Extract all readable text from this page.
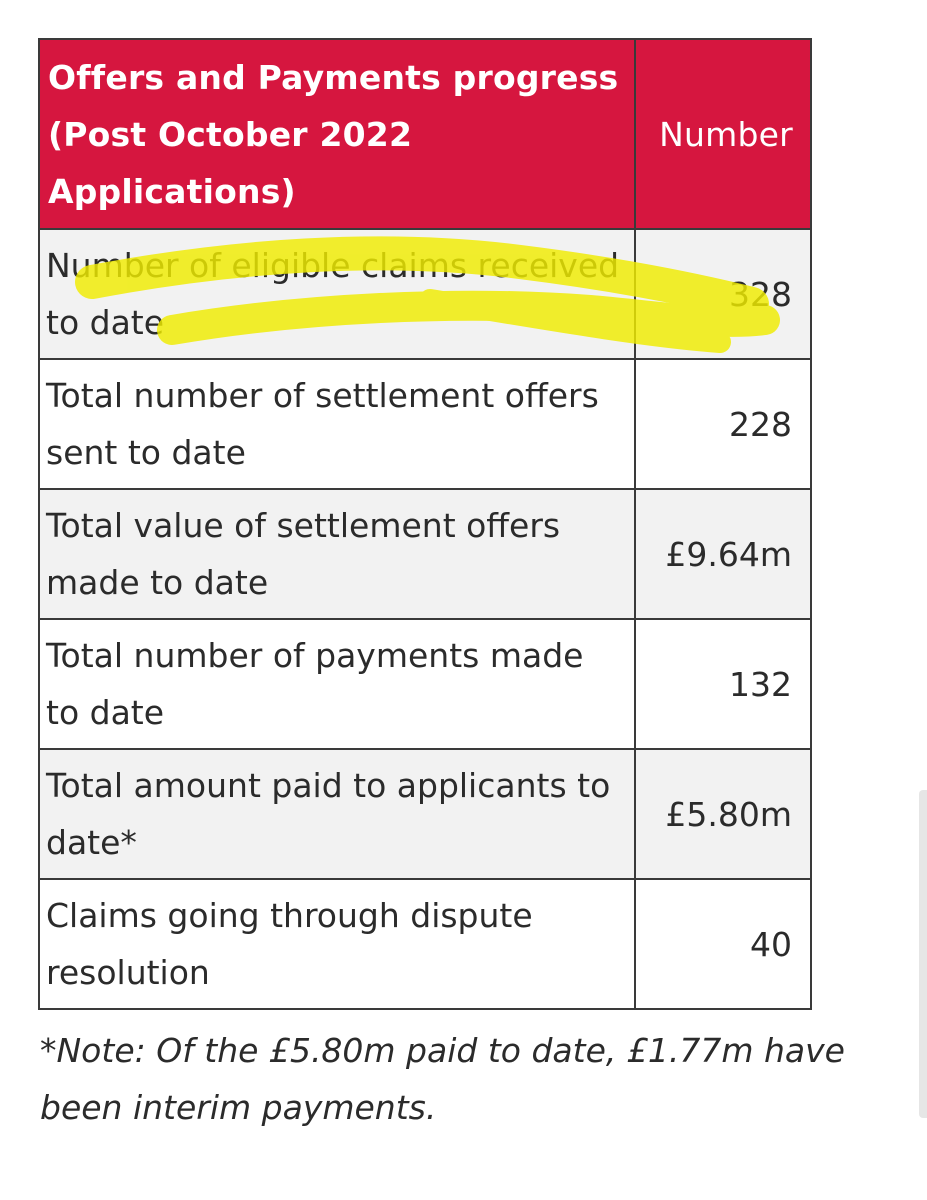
Offers and Payments progress (Post October 2022 Applications)	Number

Number of eligible claims received to date	328

Total number of settlement offers sent to date	228

Total value of settlement offers made to date	£9.64m

Total number of payments made to date	132

Total amount paid to applicants to date*	£5.80m

Claims going through dispute resolution	40

*Note: Of the £5.80m paid to date, £1.77m have been interim payments.
